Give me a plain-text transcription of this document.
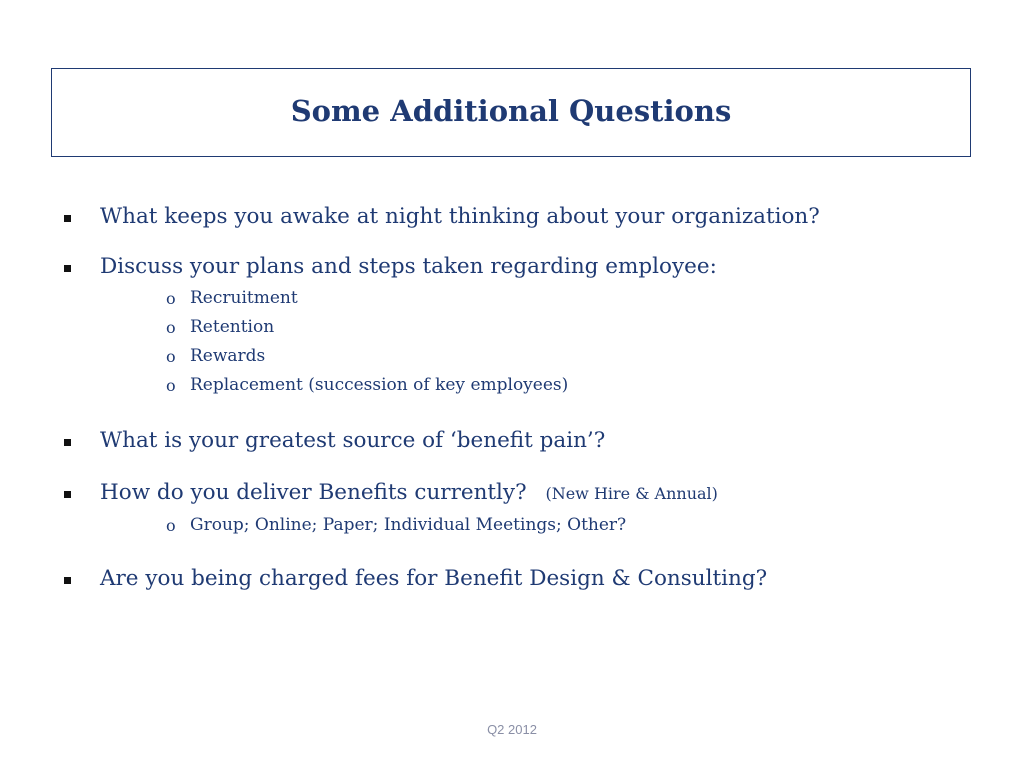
Some Additional Questions
What keeps you awake at night thinking about your organization?
Discuss your plans and steps taken regarding employee:
o Recruitment
o Retention
o Rewards
o Replacement (succession of key employees)
What is your greatest source of ‘benefit pain’?
How do you deliver Benefits currently? (New Hire & Annual)
o Group; Online; Paper; Individual Meetings; Other?
Are you being charged fees for Benefit Design & Consulting?
Q2 2012
